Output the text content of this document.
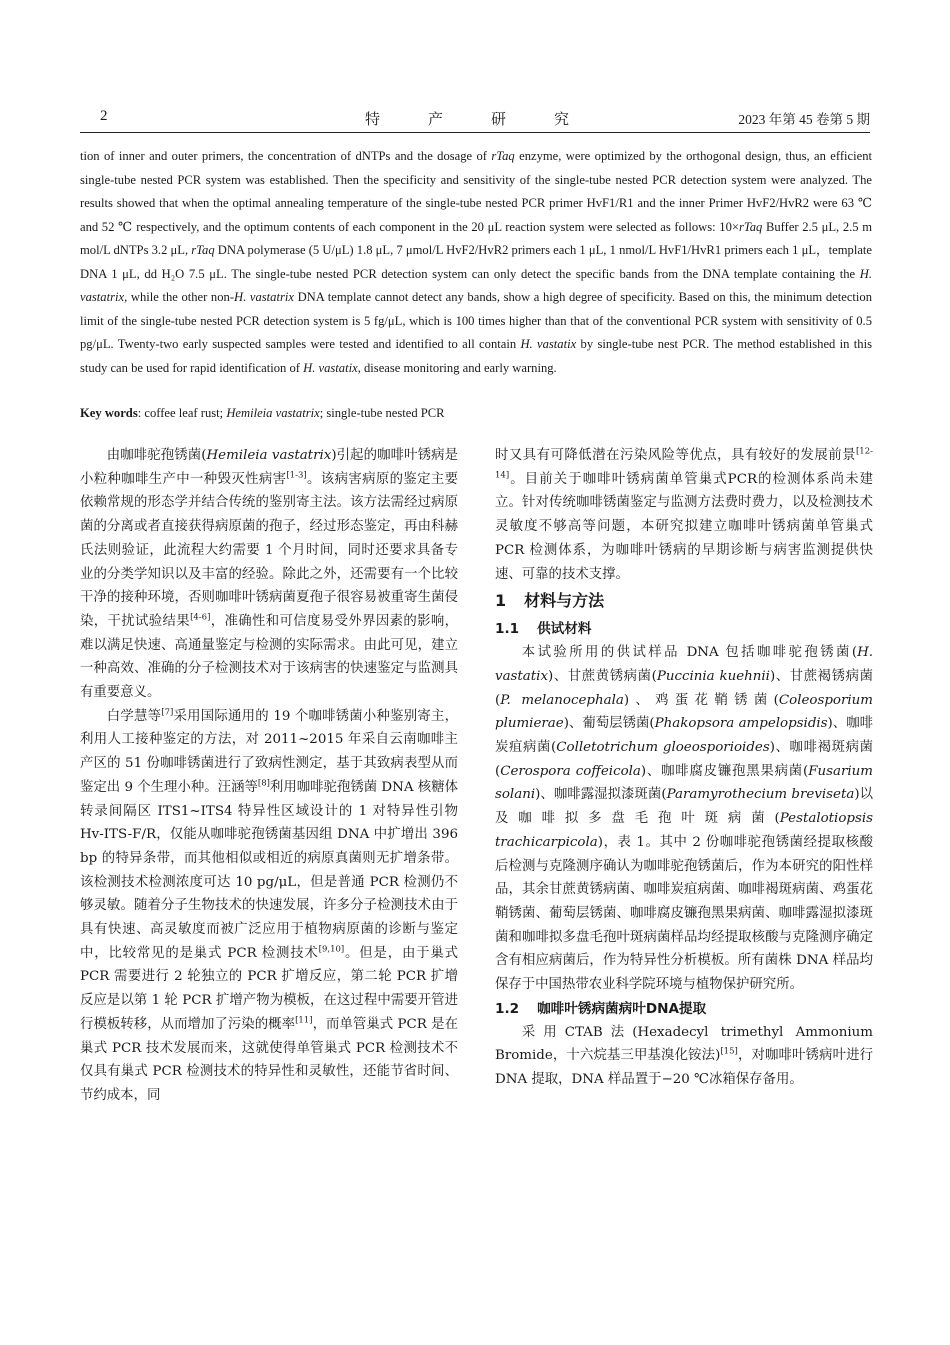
2	特产研究	2023 年第 45 卷第 5 期
tion of inner and outer primers, the concentration of dNTPs and the dosage of rTaq enzyme, were optimized by the orthogonal design, thus, an efficient single-tube nested PCR system was established. Then the specificity and sensitivity of the single-tube nested PCR detection system were analyzed. The results showed that when the optimal annealing temperature of the single-tube nested PCR primer HvF1/R1 and the inner Primer HvF2/HvR2 were 63 ℃ and 52 ℃ respectively, and the optimum contents of each component in the 20 μL reaction system were selected as follows: 10×rTaq Buffer 2.5 μL, 2.5 m mol/L dNTPs 3.2 μL, rTaq DNA polymerase (5 U/μL) 1.8 μL, 7 μmol/L HvF2/HvR2 primers each 1 μL, 1 nmol/L HvF1/HvR1 primers each 1 μL，template DNA 1 μL, dd H₂O 7.5 μL. The single-tube nested PCR detection system can only detect the specific bands from the DNA template containing the H. vastatrix, while the other non-H. vastatrix DNA template cannot detect any bands, show a high degree of specificity. Based on this, the minimum detection limit of the single-tube nested PCR detection system is 5 fg/μL, which is 100 times higher than that of the conventional PCR system with sensitivity of 0.5 pg/μL. Twenty-two early suspected samples were tested and identified to all contain H. vastatix by single-tube nest PCR. The method established in this study can be used for rapid identification of H. vastatix, disease monitoring and early warning.
Key words: coffee leaf rust; Hemileia vastatrix; single-tube nested PCR

由咖啡驼孢锈菌(Hemileia vastatrix)引起的咖啡叶锈病是小粒种咖啡生产中一种毁灭性病害[1-3]。该病害病原的鉴定主要依赖常规的形态学并结合传统的鉴别寄主法。该方法需经过病原菌的分离或者直接获得病原菌的孢子，经过形态鉴定，再由科赫氏法则验证，此流程大约需要 1 个月时间，同时还要求具备专业的分类学知识以及丰富的经验。除此之外，还需要有一个比较干净的接种环境，否则咖啡叶锈病菌夏孢子很容易被重寄生菌侵染，干扰试验结果[4-6]，准确性和可信度易受外界因素的影响，难以满足快速、高通量鉴定与检测的实际需求。由此可见，建立一种高效、准确的分子检测技术对于该病害的快速鉴定与监测具有重要意义。

白学慧等[7]采用国际通用的 19 个咖啡锈菌小种鉴别寄主，利用人工接种鉴定的方法，对 2011~2015 年采自云南咖啡主产区的 51 份咖啡锈菌进行了致病性测定，基于其致病表型从而鉴定出 9 个生理小种。汪涵等[8]利用咖啡驼孢锈菌 DNA 核糖体转录间隔区 ITS1~ITS4 特异性区域设计的 1 对特异性引物 Hv-ITS-F/R，仅能从咖啡驼孢锈菌基因组 DNA 中扩增出 396 bp 的特异条带，而其他相似或相近的病原真菌则无扩增条带。该检测技术检测浓度可达 10 pg/μL，但是普通 PCR 检测仍不够灵敏。随着分子生物技术的快速发展，许多分子检测技术由于具有快速、高灵敏度而被广泛应用于植物病原菌的诊断与鉴定中，比较常见的是巢式 PCR 检测技术[9,10]。但是，由于巢式 PCR 需要进行 2 轮独立的 PCR 扩增反应，第二轮 PCR 扩增反应是以第 1 轮 PCR 扩增产物为模板，在这过程中需要开管进行模板转移，从而增加了污染的概率[11]，而单管巢式 PCR 是在巢式 PCR 技术发展而来，这就使得单管巢式 PCR 检测技术不仅具有巢式 PCR 检测技术的特异性和灵敏性，还能节省时间、节约成本，同

时又具有可降低潜在污染风险等优点，具有较好的发展前景[12-14]。目前关于咖啡叶锈病菌单管巢式PCR的检测体系尚未建立。针对传统咖啡锈菌鉴定与监测方法费时费力，以及检测技术灵敏度不够高等问题，本研究拟建立咖啡叶锈病菌单管巢式 PCR 检测体系，为咖啡叶锈病的早期诊断与病害监测提供快速、可靠的技术支撑。

1 材料与方法
1.1 供试材料

本试验所用的供试样品 DNA 包括咖啡驼孢锈菌(H. vastatix)、甘蔗黄锈病菌(Puccinia kuehnii)、甘蔗褐锈病菌(P. melanocephala)、鸡蛋花鞘锈菌(Coleosporium plumierae)、葡萄层锈菌(Phakopsora ampelopsidis)、咖啡炭疽病菌(Colletotrichum gloeosporioides)、咖啡褐斑病菌(Cerospora coffeicola)、咖啡腐皮镰孢黑果病菌(Fusarium solani)、咖啡露湿拟漆斑菌(Paramyrothecium breviseta)以及咖啡拟多盘毛孢叶斑病菌(Pestalotiopsis trachicarpicola)，表 1。其中 2 份咖啡驼孢锈菌经提取核酸后检测与克隆测序确认为咖啡驼孢锈菌后，作为本研究的阳性样品，其余甘蔗黄锈病菌、咖啡炭疽病菌、咖啡褐斑病菌、鸡蛋花鞘锈菌、葡萄层锈菌、咖啡腐皮镰孢黑果病菌、咖啡露湿拟漆斑菌和咖啡拟多盘毛孢叶斑病菌样品均经提取核酸与克隆测序确定含有相应病菌后，作为特异性分析模板。所有菌株 DNA 样品均保存于中国热带农业科学院环境与植物保护研究所。

1.2 咖啡叶锈病菌病叶DNA提取

采用CTAB法(Hexadecyl trimethyl Ammonium Bromide，十六烷基三甲基溴化铵法)[15]，对咖啡叶锈病叶进行 DNA 提取，DNA 样品置于−20 ℃冰箱保存备用。
